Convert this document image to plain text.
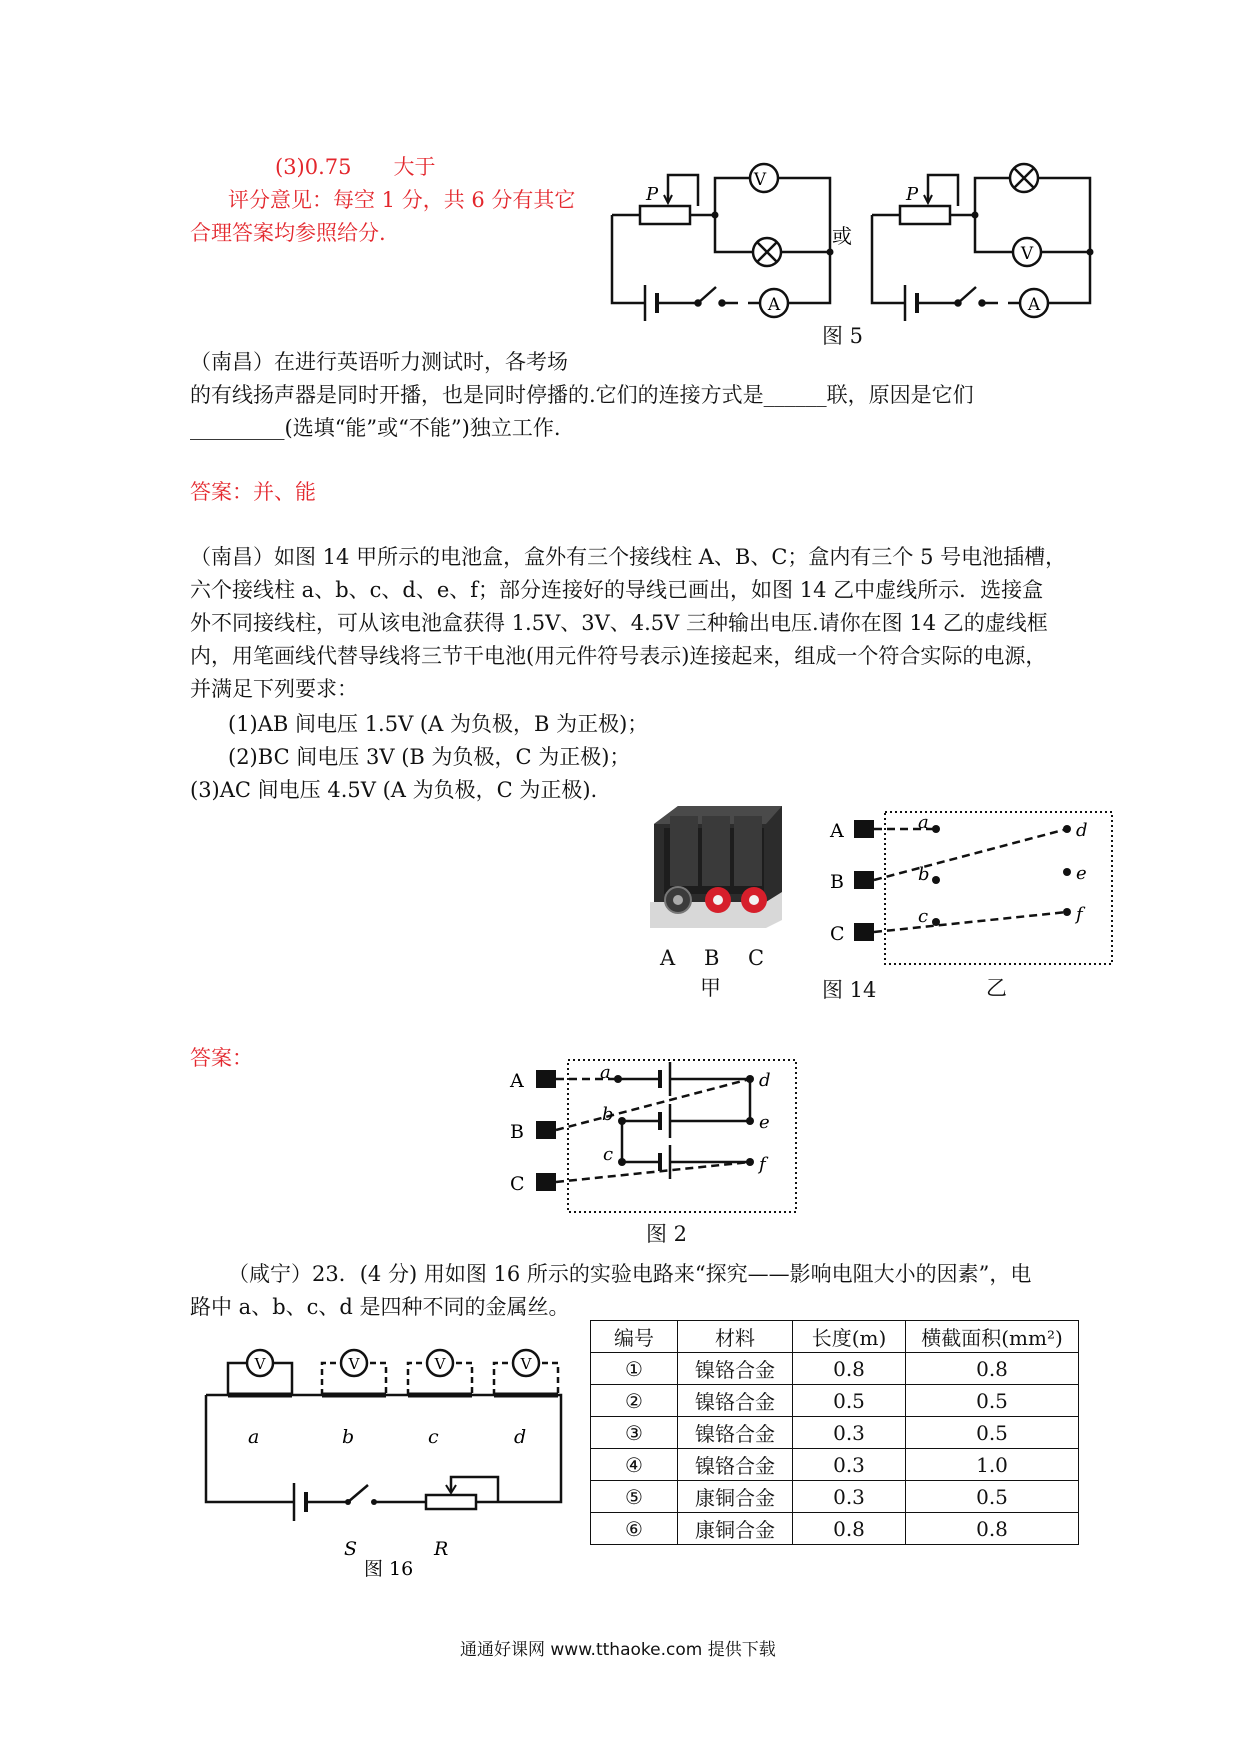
(3)0.75　　大于
评分意见：每空 1 分，共 6 分有其它
合理答案均参照给分.
V
A
P
或
V
A
P
图 5
（南昌）在进行英语听力测试时，各考场
的有线扬声器是同时开播，也是同时停播的.它们的连接方式是______联，原因是它们
_________(选填“能”或“不能”)独立工作.
答案：并、能
（南昌）如图 14 甲所示的电池盒，盒外有三个接线柱 A、B、C；盒内有三个 5 号电池插槽，
六个接线柱 a、b、c、d、e、f；部分连接好的导线已画出，如图 14 乙中虚线所示．选接盒
外不同接线柱，可从该电池盒获得 1.5V、3V、4.5V 三种输出电压.请你在图 14 乙的虚线框
内，用笔画线代替导线将三节干电池(用元件符号表示)连接起来，组成一个符合实际的电源，
并满足下列要求：
(1)AB 间电压 1.5V (A 为负极，B 为正极)；
(2)BC 间电压 3V (B 为负极，C 为正极)；
(3)AC 间电压 4.5V (A 为负极，C 为正极).
A B C
甲	图 14	乙
A
B
C
a
b
c
d
e
f
答案：
A
B
C
a
b
c
d
e
f
图 2
（咸宁）23．(4 分) 用如图 16 所示的实验电路来“探究——影响电阻大小的因素”，电
路中 a、b、c、d 是四种不同的金属丝。
V	V	V	V
a	b	c	d
S	R
图 16
编号	材料	长度(m)	横截面积(mm²)
①	镍铬合金	0.8	0.8
②	镍铬合金	0.5	0.5
③	镍铬合金	0.3	0.5
④	镍铬合金	0.3	1.0
⑤	康铜合金	0.3	0.5
⑥	康铜合金	0.8	0.8
通通好课网 www.tthaoke.com 提供下载
